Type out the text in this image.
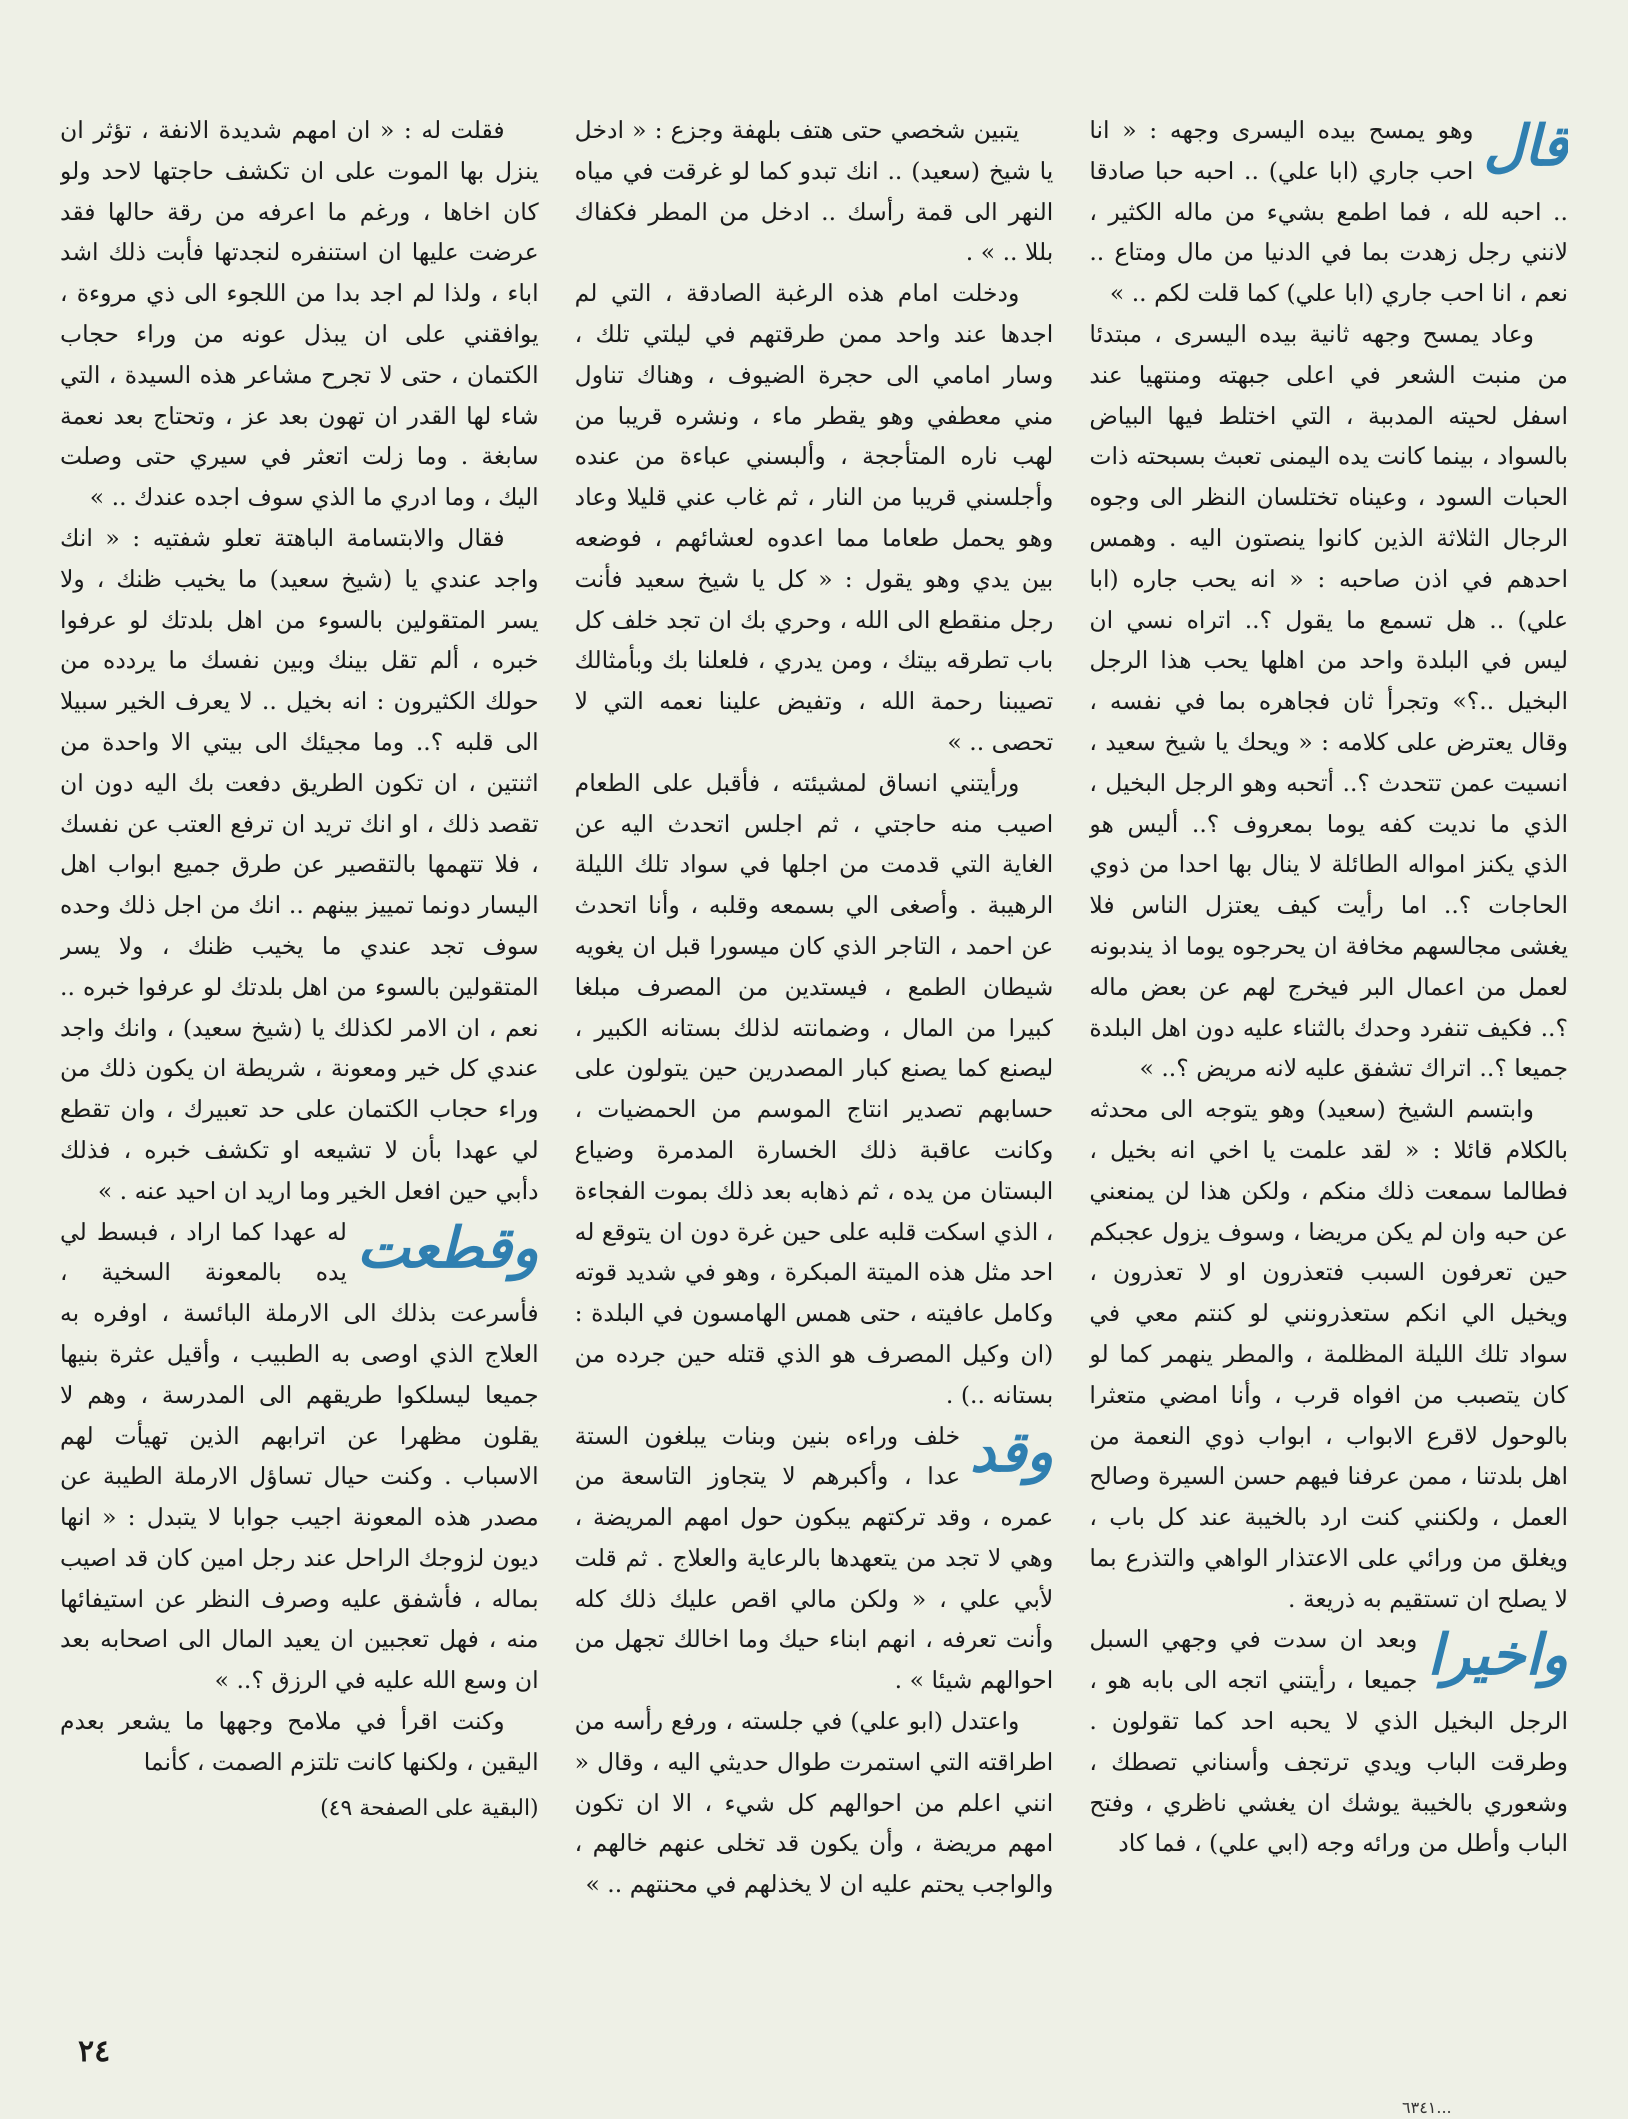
قال
وهو يمسح بيده اليسرى وجهه : « انا احب جاري (ابا علي) .. احبه حبا صادقا .. احبه لله ، فما اطمع بشيء من ماله الكثير ، لانني رجل زهدت بما في الدنيا من مال ومتاع .. نعم ، انا احب جاري (ابا علي) كما قلت لكم .. »

وعاد يمسح وجهه ثانية بيده اليسرى ، مبتدئا من منبت الشعر في اعلى جبهته ومنتهيا عند اسفل لحيته المدببة ، التي اختلط فيها البياض بالسواد ، بينما كانت يده اليمنى تعبث بسبحته ذات الحبات السود ، وعيناه تختلسان النظر الى وجوه الرجال الثلاثة الذين كانوا ينصتون اليه . وهمس احدهم في اذن صاحبه : « انه يحب جاره (ابا علي) .. هل تسمع ما يقول ؟.. اتراه نسي ان ليس في البلدة واحد من اهلها يحب هذا الرجل البخيل ..؟» وتجرأ ثان فجاهره بما في نفسه ، وقال يعترض على كلامه : « ويحك يا شيخ سعيد ، انسيت عمن تتحدث ؟.. أتحبه وهو الرجل البخيل ، الذي ما نديت كفه يوما بمعروف ؟.. أليس هو الذي يكنز امواله الطائلة لا ينال بها احدا من ذوي الحاجات ؟.. اما رأيت كيف يعتزل الناس فلا يغشى مجالسهم مخافة ان يحرجوه يوما اذ يندبونه لعمل من اعمال البر فيخرج لهم عن بعض ماله ؟.. فكيف تنفرد وحدك بالثناء عليه دون اهل البلدة جميعا ؟.. اتراك تشفق عليه لانه مريض ؟.. »

وابتسم الشيخ (سعيد) وهو يتوجه الى محدثه بالكلام قائلا : « لقد علمت يا اخي انه بخيل ، فطالما سمعت ذلك منكم ، ولكن هذا لن يمنعني عن حبه وان لم يكن مريضا ، وسوف يزول عجبكم حين تعرفون السبب فتعذرون او لا تعذرون ، ويخيل الي انكم ستعذرونني لو كنتم معي في سواد تلك الليلة المظلمة ، والمطر ينهمر كما لو كان يتصبب من افواه قرب ، وأنا امضي متعثرا بالوحول لاقرع الابواب ، ابواب ذوي النعمة من اهل بلدتنا ، ممن عرفنا فيهم حسن السيرة وصالح العمل ، ولكنني كنت ارد بالخيبة عند كل باب ، ويغلق من ورائي على الاعتذار الواهي والتذرع بما لا يصلح ان تستقيم به ذريعة .

واخيرا
وبعد ان سدت في وجهي السبل جميعا ، رأيتني اتجه الى بابه هو ، الرجل البخيل الذي لا يحبه احد كما تقولون . وطرقت الباب ويدي ترتجف وأسناني تصطك ، وشعوري بالخيبة يوشك ان يغشي ناظري ، وفتح الباب وأطل من ورائه وجه (ابي علي) ، فما كاد

يتبين شخصي حتى هتف بلهفة وجزع : « ادخل يا شيخ (سعيد) .. انك تبدو كما لو غرقت في مياه النهر الى قمة رأسك .. ادخل من المطر فكفاك بللا .. » .

ودخلت امام هذه الرغبة الصادقة ، التي لم اجدها عند واحد ممن طرقتهم في ليلتي تلك ، وسار امامي الى حجرة الضيوف ، وهناك تناول مني معطفي وهو يقطر ماء ، ونشره قريبا من لهب ناره المتأججة ، وألبسني عباءة من عنده وأجلسني قريبا من النار ، ثم غاب عني قليلا وعاد وهو يحمل طعاما مما اعدوه لعشائهم ، فوضعه بين يدي وهو يقول : « كل يا شيخ سعيد فأنت رجل منقطع الى الله ، وحري بك ان تجد خلف كل باب تطرقه بيتك ، ومن يدري ، فلعلنا بك وبأمثالك تصيبنا رحمة الله ، وتفيض علينا نعمه التي لا تحصى .. »

ورأيتني انساق لمشيئته ، فأقبل على الطعام اصيب منه حاجتي ، ثم اجلس اتحدث اليه عن الغاية التي قدمت من اجلها في سواد تلك الليلة الرهيبة . وأصغى الي بسمعه وقلبه ، وأنا اتحدث عن احمد ، التاجر الذي كان ميسورا قبل ان يغويه شيطان الطمع ، فيستدين من المصرف مبلغا كبيرا من المال ، وضمانته لذلك بستانه الكبير ، ليصنع كما يصنع كبار المصدرين حين يتولون على حسابهم تصدير انتاج الموسم من الحمضيات ، وكانت عاقبة ذلك الخسارة المدمرة وضياع البستان من يده ، ثم ذهابه بعد ذلك بموت الفجاءة ، الذي اسكت قلبه على حين غرة دون ان يتوقع له احد مثل هذه الميتة المبكرة ، وهو في شديد قوته وكامل عافيته ، حتى همس الهامسون في البلدة : (ان وكيل المصرف هو الذي قتله حين جرده من بستانه ..) .

وقد
خلف وراءه بنين وبنات يبلغون الستة عدا ، وأكبرهم لا يتجاوز التاسعة من عمره ، وقد تركتهم يبكون حول امهم المريضة ، وهي لا تجد من يتعهدها بالرعاية والعلاج . ثم قلت لأبي علي ، « ولكن مالي اقص عليك ذلك كله وأنت تعرفه ، انهم ابناء حيك وما اخالك تجهل من احوالهم شيئا » .

واعتدل (ابو علي) في جلسته ، ورفع رأسه من اطراقته التي استمرت طوال حديثي اليه ، وقال « انني اعلم من احوالهم كل شيء ، الا ان تكون امهم مريضة ، وأن يكون قد تخلى عنهم خالهم ، والواجب يحتم عليه ان لا يخذلهم في محنتهم .. »

فقلت له : « ان امهم شديدة الانفة ، تؤثر ان ينزل بها الموت على ان تكشف حاجتها لاحد ولو كان اخاها ، ورغم ما اعرفه من رقة حالها فقد عرضت عليها ان استنفره لنجدتها فأبت ذلك اشد اباء ، ولذا لم اجد بدا من اللجوء الى ذي مروءة ، يوافقني على ان يبذل عونه من وراء حجاب الكتمان ، حتى لا تجرح مشاعر هذه السيدة ، التي شاء لها القدر ان تهون بعد عز ، وتحتاج بعد نعمة سابغة . وما زلت اتعثر في سيري حتى وصلت اليك ، وما ادري ما الذي سوف اجده عندك .. »

فقال والابتسامة الباهتة تعلو شفتيه : « انك واجد عندي يا (شيخ سعيد) ما يخيب ظنك ، ولا يسر المتقولين بالسوء من اهل بلدتك لو عرفوا خبره ، ألم تقل بينك وبين نفسك ما يردده من حولك الكثيرون : انه بخيل .. لا يعرف الخير سبيلا الى قلبه ؟.. وما مجيئك الى بيتي الا واحدة من اثنتين ، ان تكون الطريق دفعت بك اليه دون ان تقصد ذلك ، او انك تريد ان ترفع العتب عن نفسك ، فلا تتهمها بالتقصير عن طرق جميع ابواب اهل اليسار دونما تمييز بينهم .. انك من اجل ذلك وحده سوف تجد عندي ما يخيب ظنك ، ولا يسر المتقولين بالسوء من اهل بلدتك لو عرفوا خبره .. نعم ، ان الامر لكذلك يا (شيخ سعيد) ، وانك واجد عندي كل خير ومعونة ، شريطة ان يكون ذلك من وراء حجاب الكتمان على حد تعبيرك ، وان تقطع لي عهدا بأن لا تشيعه او تكشف خبره ، فذلك دأبي حين افعل الخير وما اريد ان احيد عنه . »

وقطعت
له عهدا كما اراد ، فبسط لي يده بالمعونة السخية ، فأسرعت بذلك الى الارملة البائسة ، اوفره به العلاج الذي اوصى به الطبيب ، وأقيل عثرة بنيها جميعا ليسلكوا طريقهم الى المدرسة ، وهم لا يقلون مظهرا عن اترابهم الذين تهيأت لهم الاسباب . وكنت حيال تساؤل الارملة الطيبة عن مصدر هذه المعونة اجيب جوابا لا يتبدل : « انها ديون لزوجك الراحل عند رجل امين كان قد اصيب بماله ، فأشفق عليه وصرف النظر عن استيفائها منه ، فهل تعجبين ان يعيد المال الى اصحابه بعد ان وسع الله عليه في الرزق ؟.. »

وكنت اقرأ في ملامح وجهها ما يشعر بعدم اليقين ، ولكنها كانت تلتزم الصمت ، كأنما

(البقية على الصفحة ٤٩)
٢٤
...٦٣٤١
